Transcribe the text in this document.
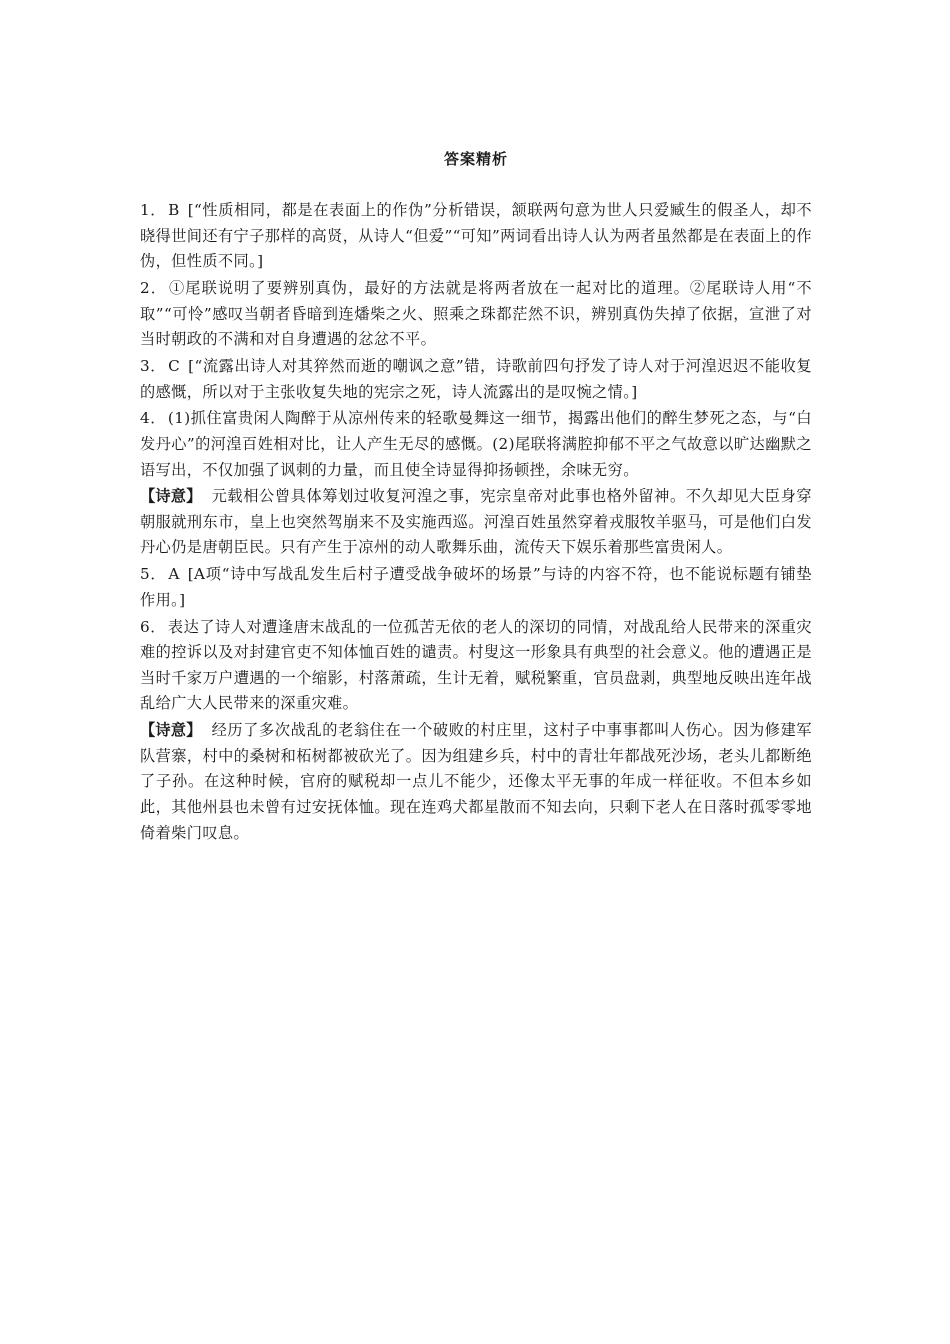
答案精析

1． B [“性质相同，都是在表面上的作伪”分析错误，颔联两句意为世人只爱臧生的假圣人，却不晓得世间还有宁子那样的高贤，从诗人“但爱”“可知”两词看出诗人认为两者虽然都是在表面上的作伪，但性质不同。]

2． ①尾联说明了要辨别真伪，最好的方法就是将两者放在一起对比的道理。②尾联诗人用“不取”“可怜”感叹当朝者昏暗到连燔柴之火、照乘之珠都茫然不识，辨别真伪失掉了依据，宣泄了对当时朝政的不满和对自身遭遇的忿忿不平。

3． C [“流露出诗人对其猝然而逝的嘲讽之意”错，诗歌前四句抒发了诗人对于河湟迟迟不能收复的感慨，所以对于主张收复失地的宪宗之死，诗人流露出的是叹惋之情。]

4． (1)抓住富贵闲人陶醉于从凉州传来的轻歌曼舞这一细节，揭露出他们的醉生梦死之态，与“白发丹心”的河湟百姓相对比，让人产生无尽的感慨。(2)尾联将满腔抑郁不平之气故意以旷达幽默之语写出，不仅加强了讽刺的力量，而且使全诗显得抑扬顿挫，余味无穷。

【诗意】 元载相公曾具体筹划过收复河湟之事，宪宗皇帝对此事也格外留神。不久却见大臣身穿朝服就刑东市，皇上也突然驾崩来不及实施西巡。河湟百姓虽然穿着戎服牧羊驱马，可是他们白发丹心仍是唐朝臣民。只有产生于凉州的动人歌舞乐曲，流传天下娱乐着那些富贵闲人。

5． A [A项“诗中写战乱发生后村子遭受战争破坏的场景”与诗的内容不符，也不能说标题有铺垫作用。]

6． 表达了诗人对遭逢唐末战乱的一位孤苦无依的老人的深切的同情，对战乱给人民带来的深重灾难的控诉以及对封建官吏不知体恤百姓的谴责。村叟这一形象具有典型的社会意义。他的遭遇正是当时千家万户遭遇的一个缩影，村落萧疏，生计无着，赋税繁重，官员盘剥，典型地反映出连年战乱给广大人民带来的深重灾难。

【诗意】 经历了多次战乱的老翁住在一个破败的村庄里，这村子中事事都叫人伤心。因为修建军队营寨，村中的桑树和柘树都被砍光了。因为组建乡兵，村中的青壮年都战死沙场，老头儿都断绝了子孙。在这种时候，官府的赋税却一点儿不能少，还像太平无事的年成一样征收。不但本乡如此，其他州县也未曾有过安抚体恤。现在连鸡犬都星散而不知去向，只剩下老人在日落时孤零零地倚着柴门叹息。
